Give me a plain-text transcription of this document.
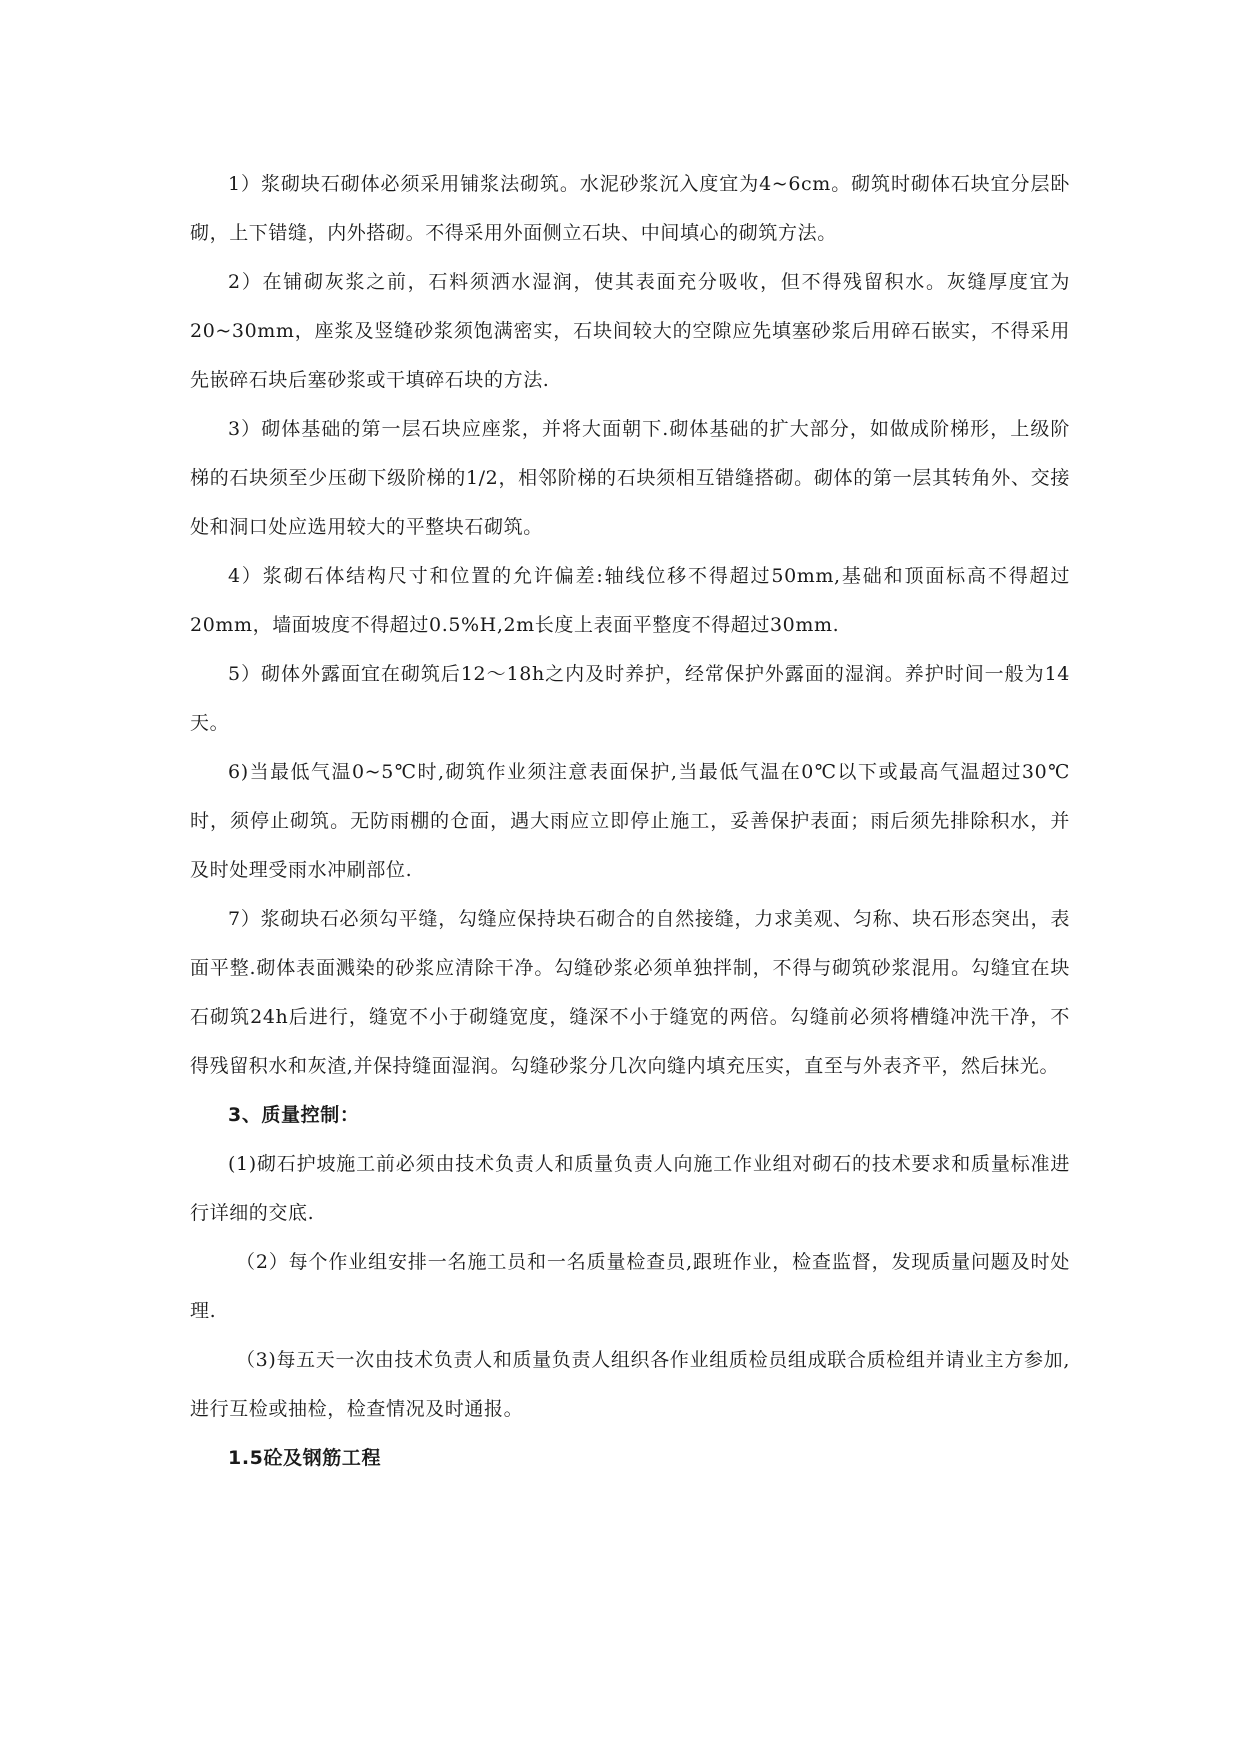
1）浆砌块石砌体必须采用铺浆法砌筑。水泥砂浆沉入度宜为4~6cm。砌筑时砌体石块宜分层卧砌，上下错缝，内外搭砌。不得采用外面侧立石块、中间填心的砌筑方法。

2）在铺砌灰浆之前，石料须洒水湿润，使其表面充分吸收，但不得残留积水。灰缝厚度宜为20~30mm，座浆及竖缝砂浆须饱满密实，石块间较大的空隙应先填塞砂浆后用碎石嵌实，不得采用先嵌碎石块后塞砂浆或干填碎石块的方法.

3）砌体基础的第一层石块应座浆，并将大面朝下.砌体基础的扩大部分，如做成阶梯形，上级阶梯的石块须至少压砌下级阶梯的1/2，相邻阶梯的石块须相互错缝搭砌。砌体的第一层其转角外、交接处和洞口处应选用较大的平整块石砌筑。

4）浆砌石体结构尺寸和位置的允许偏差:轴线位移不得超过50mm,基础和顶面标高不得超过20mm，墙面坡度不得超过0.5%H,2m长度上表面平整度不得超过30mm.

5）砌体外露面宜在砌筑后12～18h之内及时养护，经常保护外露面的湿润。养护时间一般为14天。

6)当最低气温0~5℃时,砌筑作业须注意表面保护,当最低气温在0℃以下或最高气温超过30℃时，须停止砌筑。无防雨棚的仓面，遇大雨应立即停止施工，妥善保护表面；雨后须先排除积水，并及时处理受雨水冲刷部位.

7）浆砌块石必须勾平缝，勾缝应保持块石砌合的自然接缝，力求美观、匀称、块石形态突出，表面平整.砌体表面溅染的砂浆应清除干净。勾缝砂浆必须单独拌制，不得与砌筑砂浆混用。勾缝宜在块石砌筑24h后进行，缝宽不小于砌缝宽度，缝深不小于缝宽的两倍。勾缝前必须将槽缝冲洗干净，不得残留积水和灰渣,并保持缝面湿润。勾缝砂浆分几次向缝内填充压实，直至与外表齐平，然后抹光。

3、质量控制：

(1)砌石护坡施工前必须由技术负责人和质量负责人向施工作业组对砌石的技术要求和质量标准进行详细的交底.

（2）每个作业组安排一名施工员和一名质量检查员,跟班作业，检查监督，发现质量问题及时处理.

（3)每五天一次由技术负责人和质量负责人组织各作业组质检员组成联合质检组并请业主方参加,进行互检或抽检，检查情况及时通报。

1.5砼及钢筋工程
